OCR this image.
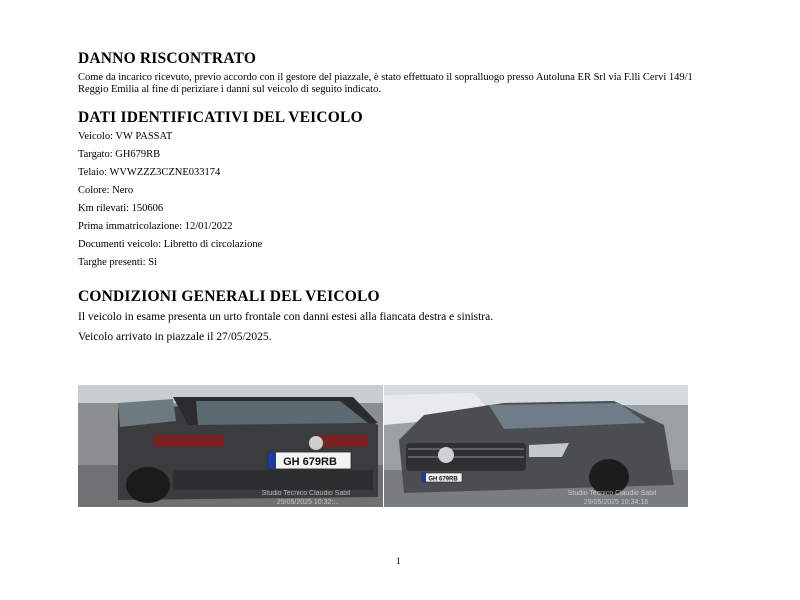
DANNO RISCONTRATO
Come da incarico ricevuto, previo accordo con il gestore del piazzale, è stato effettuato il sopralluogo presso Autoluna ER Srl via F.lli Cervi 149/1 Reggio Emilia al fine di periziare i danni sul veicolo di seguito indicato.
DATI IDENTIFICATIVI DEL VEICOLO
Veicolo: VW PASSAT
Targato: GH679RB
Telaio: WVWZZZ3CZNE033174
Colore: Nero
Km rilevati: 150606
Prima immatricolazione: 12/01/2022
Documenti veicolo: Libretto di circolazione
Targhe presenti: Si
CONDIZIONI GENERALI DEL VEICOLO
Il veicolo in esame presenta un urto frontale con danni estesi alla fiancata destra e sinistra.
Veicolo arrivato in piazzale il 27/05/2025.
GH 679RB
Studio Tecnico Claudio Sabil
29/05/2025 10:32:...
GH 679RB
Studio Tecnico Claudio Sabil
29/05/2025 10:34:16
1
